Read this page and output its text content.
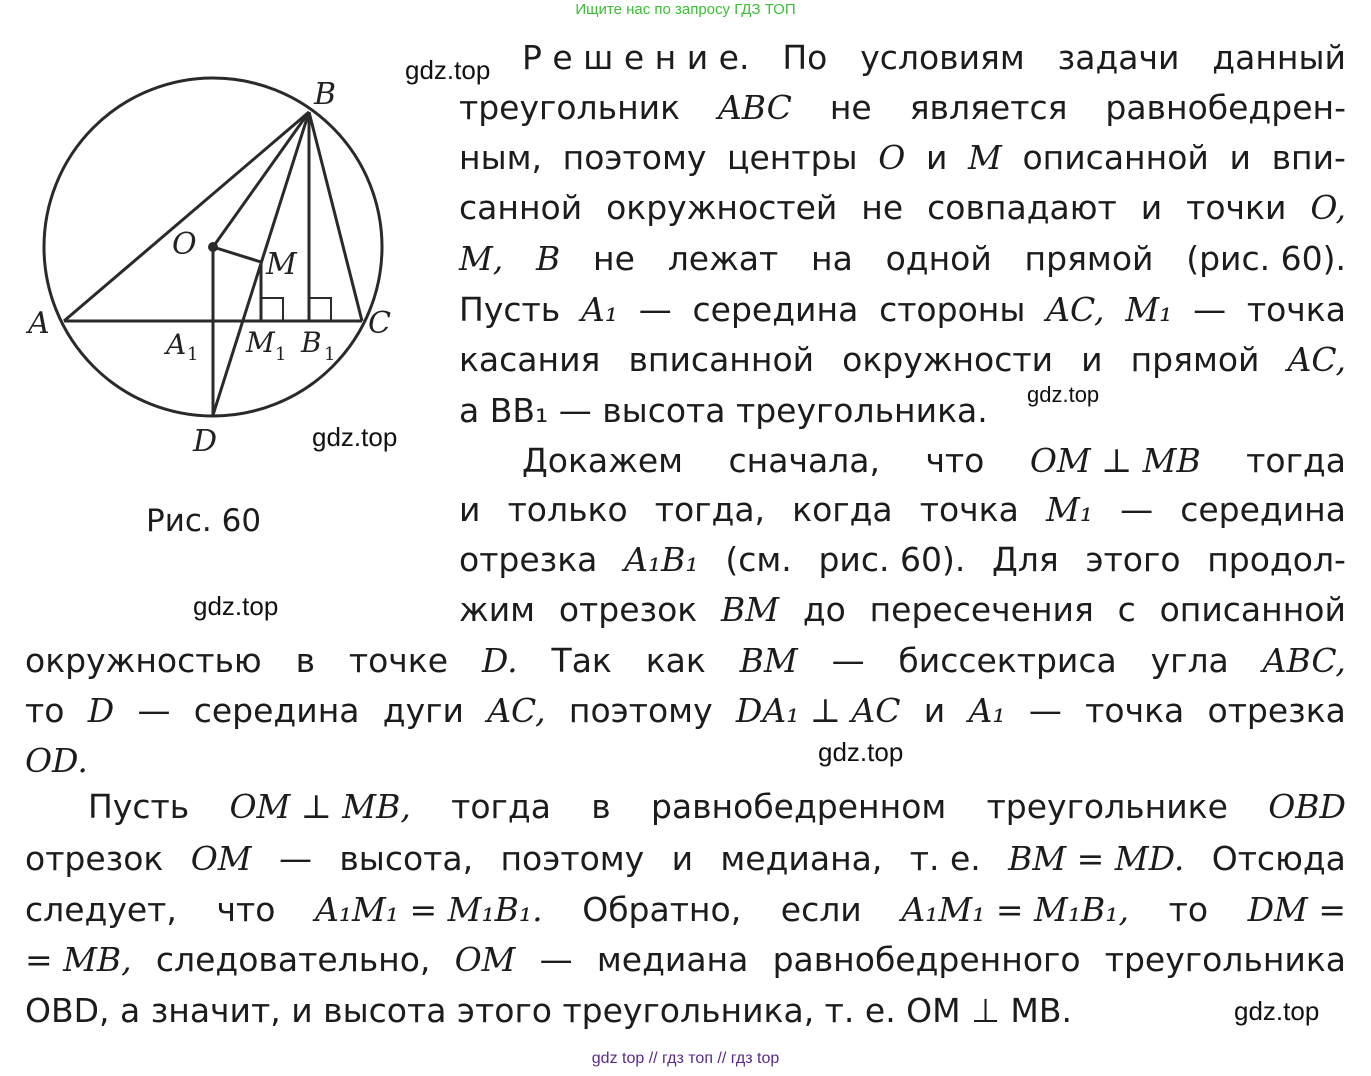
Ищите нас по запросу ГДЗ ТОП
B
A	C
D
O
M
A 1 M 1 B 1
Рис. 60
gdz.top
gdz.top
gdz.top
gdz.top
gdz.top
gdz.top
Р е ш е н и е. По условиям задачи данный
треугольник ABC не является равнобедрен-
ным, поэтому центры O и M описанной и впи-
санной окружностей не совпадают и точки O,
M, B не лежат на одной прямой (рис. 60).
Пусть A₁ — середина стороны AC, M₁ — точка
касания вписанной окружности и прямой AC,
а BB₁ — высота треугольника.
Докажем сначала, что OM ⊥ MB тогда
и только тогда, когда точка M₁ — середина
отрезка A₁B₁ (см. рис. 60). Для этого продол-
жим отрезок BM до пересечения с описанной
окружностью в точке D. Так как BM — биссектриса угла ABC,
то D — середина дуги AC, поэтому DA₁ ⊥ AC и A₁ — точка отрезка
OD.
Пусть OM ⊥ MB, тогда в равнобедренном треугольнике OBD
отрезок OM — высота, поэтому и медиана, т. е. BM = MD. Отсюда
следует, что A₁M₁ = M₁B₁. Обратно, если A₁M₁ = M₁B₁, то DM =
= MB, следовательно, OM — медиана равнобедренного треугольника
OBD, а значит, и высота этого треугольника, т. е. OM ⊥ MB.
gdz top // гдз топ // гдз top
